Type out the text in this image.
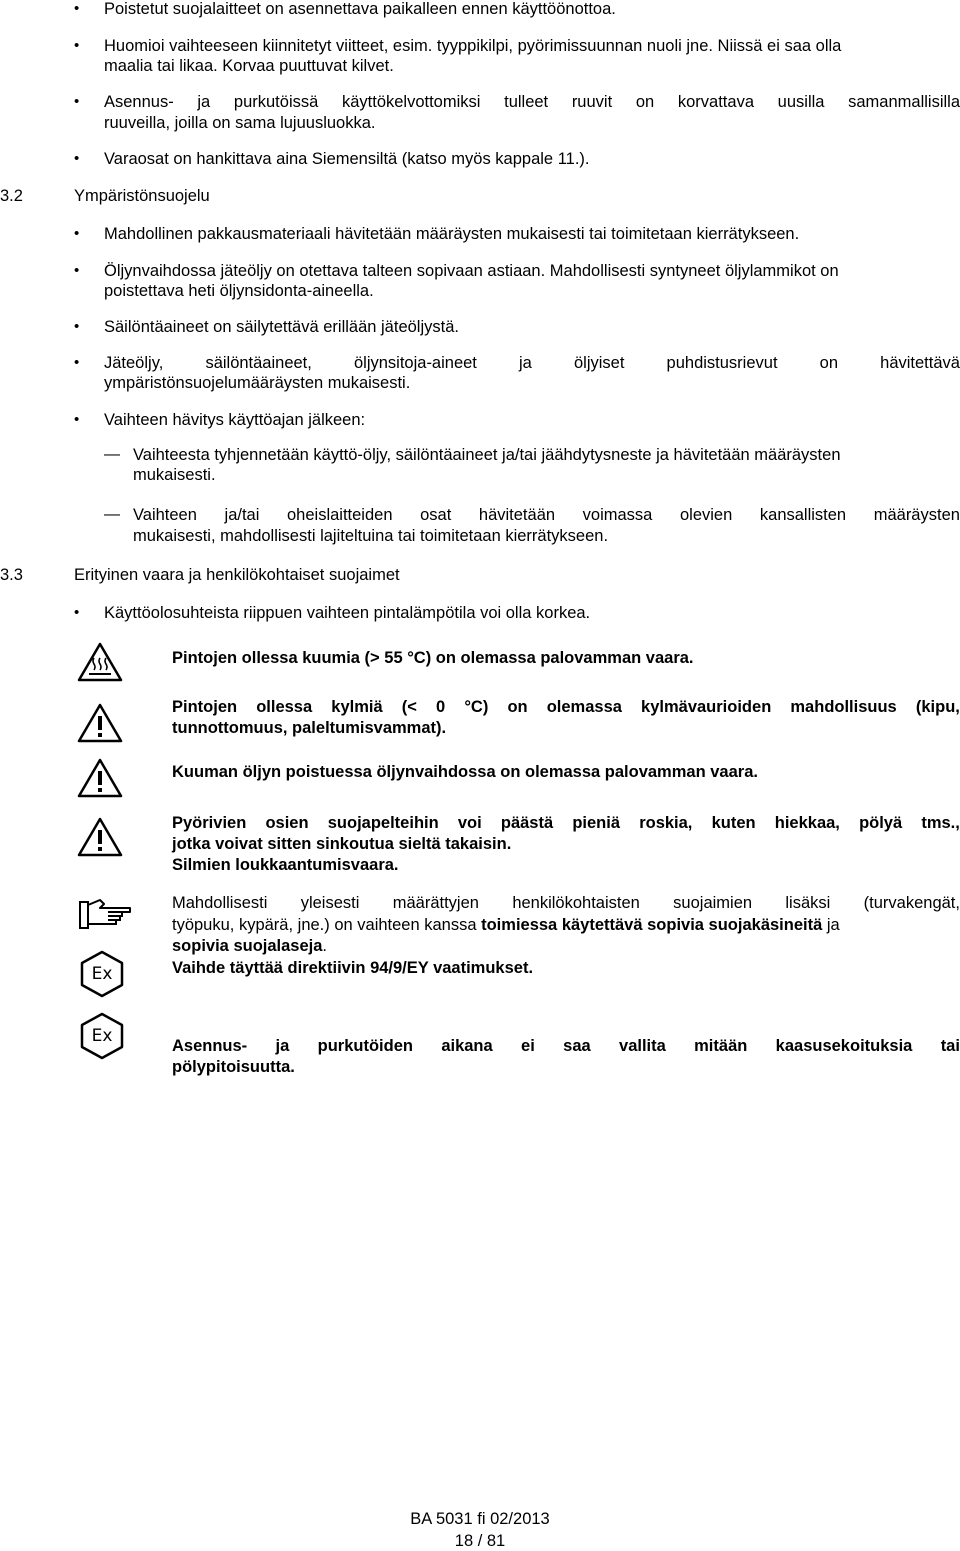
• Poistetut suojalaitteet on asennettava paikalleen ennen käyttöönottoa.
• Huomioi vaihteeseen kiinnitetyt viitteet, esim. tyyppikilpi, pyörimissuunnan nuoli jne. Niissä ei saa olla
maalia tai likaa. Korvaa puuttuvat kilvet.
• Asennus- ja purkutöissä käyttökelvottomiksi tulleet ruuvit on korvattava uusilla samanmallisilla
ruuveilla, joilla on sama lujuusluokka.
• Varaosat on hankittava aina Siemensiltä (katso myös kappale 11.).
3.2	Ympäristönsuojelu
• Mahdollinen pakkausmateriaali hävitetään määräysten mukaisesti tai toimitetaan kierrätykseen.
• Öljynvaihdossa jäteöljy on otettava talteen sopivaan astiaan. Mahdollisesti syntyneet öljylammikot on
poistettava heti öljynsidonta-aineella.
• Säilöntäaineet on säilytettävä erillään jäteöljystä.
• Jäteöljy,	säilöntäaineet,	öljynsitoja-aineet	ja	öljyiset	puhdistusrievut	on	hävitettävä
ympäristönsuojelumääräysten mukaisesti.
• Vaihteen hävitys käyttöajan jälkeen:
— Vaihteesta tyhjennetään käyttö-öljy, säilöntäaineet ja/tai jäähdytysneste ja hävitetään määräysten
mukaisesti.
— Vaihteen ja/tai oheislaitteiden osat hävitetään voimassa olevien kansallisten määräysten
mukaisesti, mahdollisesti lajiteltuina tai toimitetaan kierrätykseen.
3.3	Erityinen vaara ja henkilökohtaiset suojaimet
• Käyttöolosuhteista riippuen vaihteen pintalämpötila voi olla korkea.
Pintojen ollessa kuumia (> 55 °C) on olemassa palovamman vaara.
Pintojen ollessa kylmiä (< 0 °C) on olemassa kylmävaurioiden mahdollisuus (kipu,
tunnottomuus, paleltumisvammat).
Kuuman öljyn poistuessa öljynvaihdossa on olemassa palovamman vaara.
Pyörivien osien suojapelteihin voi päästä pieniä roskia, kuten hiekkaa, pölyä tms.,
jotka voivat sitten sinkoutua sieltä takaisin.
Silmien loukkaantumisvaara.
Mahdollisesti yleisesti määrättyjen henkilökohtaisten suojaimien lisäksi (turvakengät,
työpuku, kypärä, jne.) on vaihteen kanssa toimiessa käytettävä sopivia suojakäsineitä ja
sopivia suojalaseja.
Ex	Vaihde täyttää direktiivin 94/9/EY vaatimukset.
Ex	Asennus- ja purkutöiden aikana ei saa vallita mitään kaasusekoituksia tai
pölypitoisuutta.
BA 5031 fi 02/2013
18 / 81
